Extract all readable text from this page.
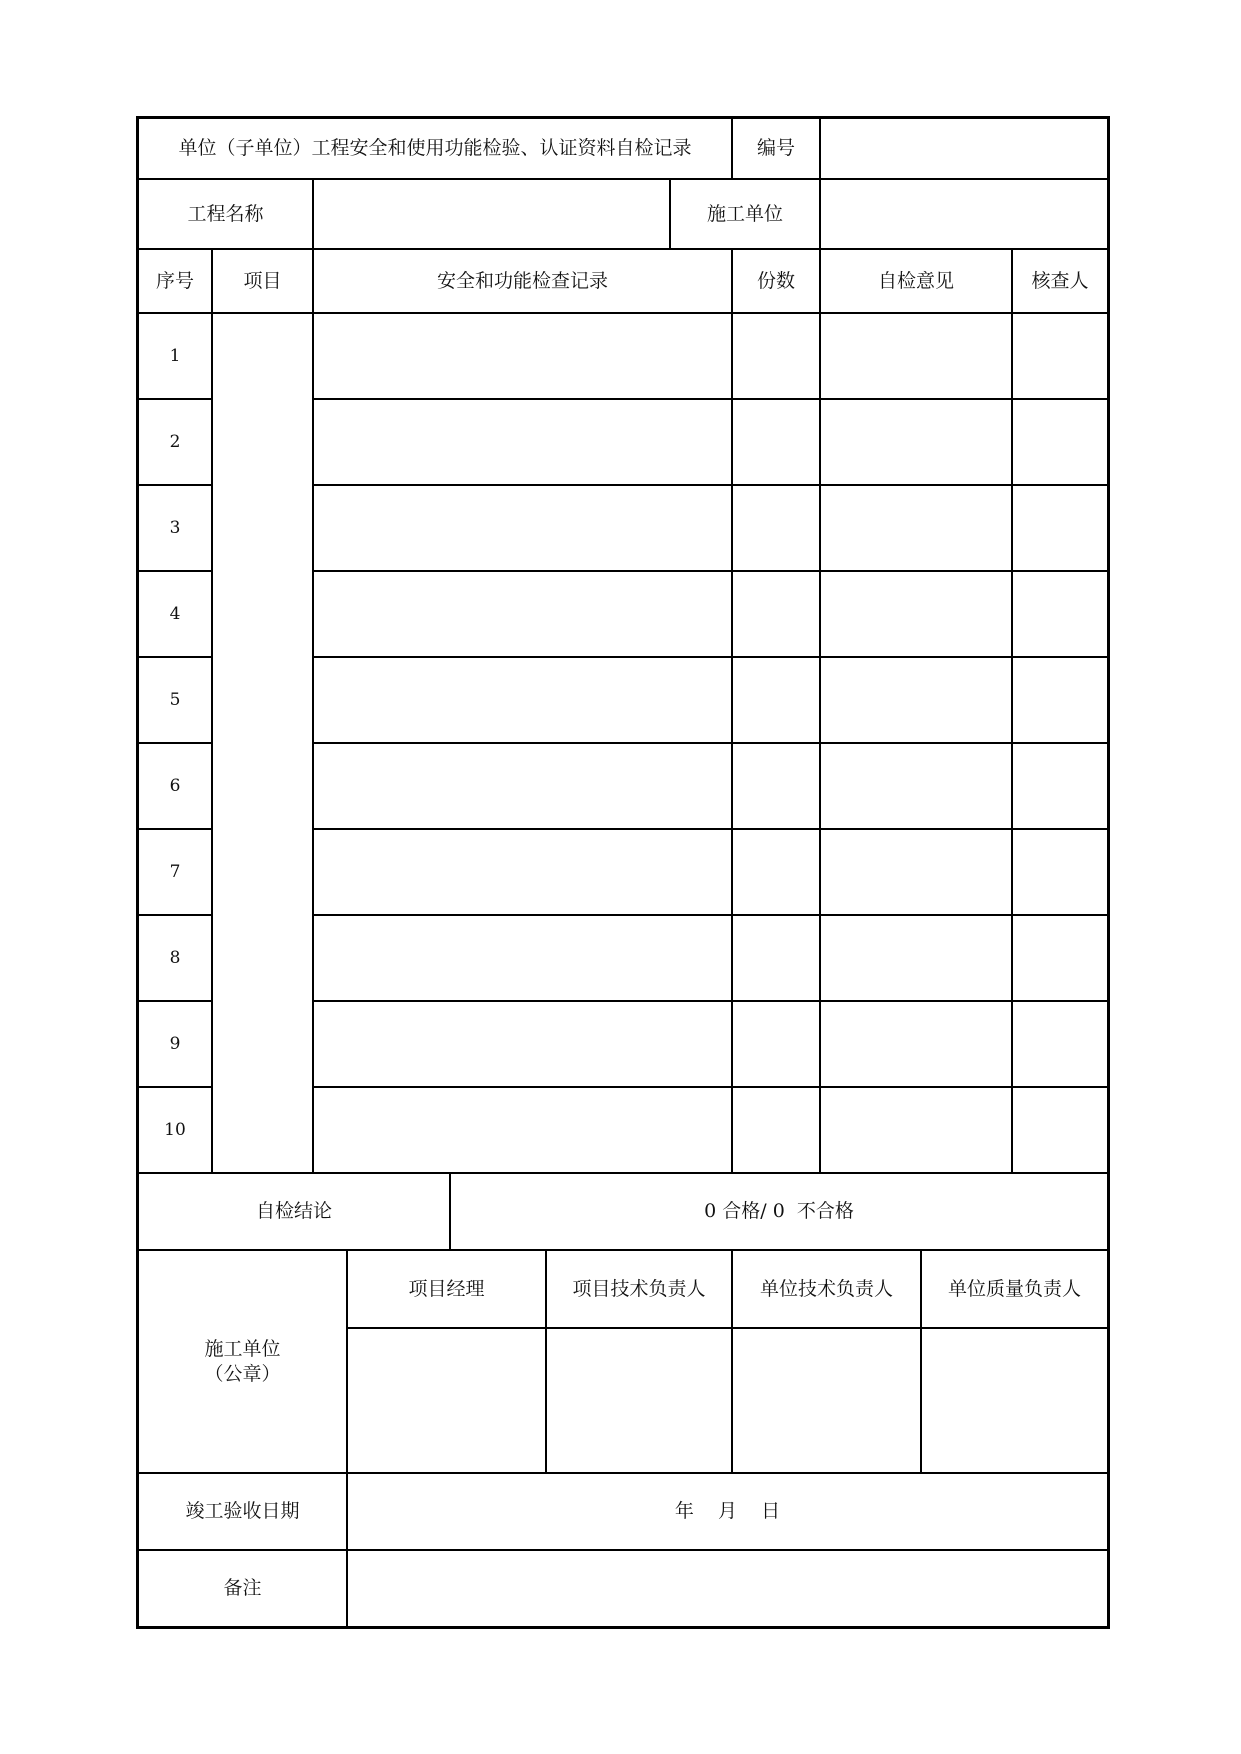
单位（子单位）工程安全和使用功能检验、认证资料自检记录	编号
工程名称	施工单位
序号	项目	安全和功能检查记录	份数	自检意见	核查人
1
2
3
4
5
6
7
8
9
10
自检结论	0 合格/ 0  不合格
施工单位
（公章）
项目经理	项目技术负责人	单位技术负责人	单位质量负责人
竣工验收日期	年    月    日
备注
